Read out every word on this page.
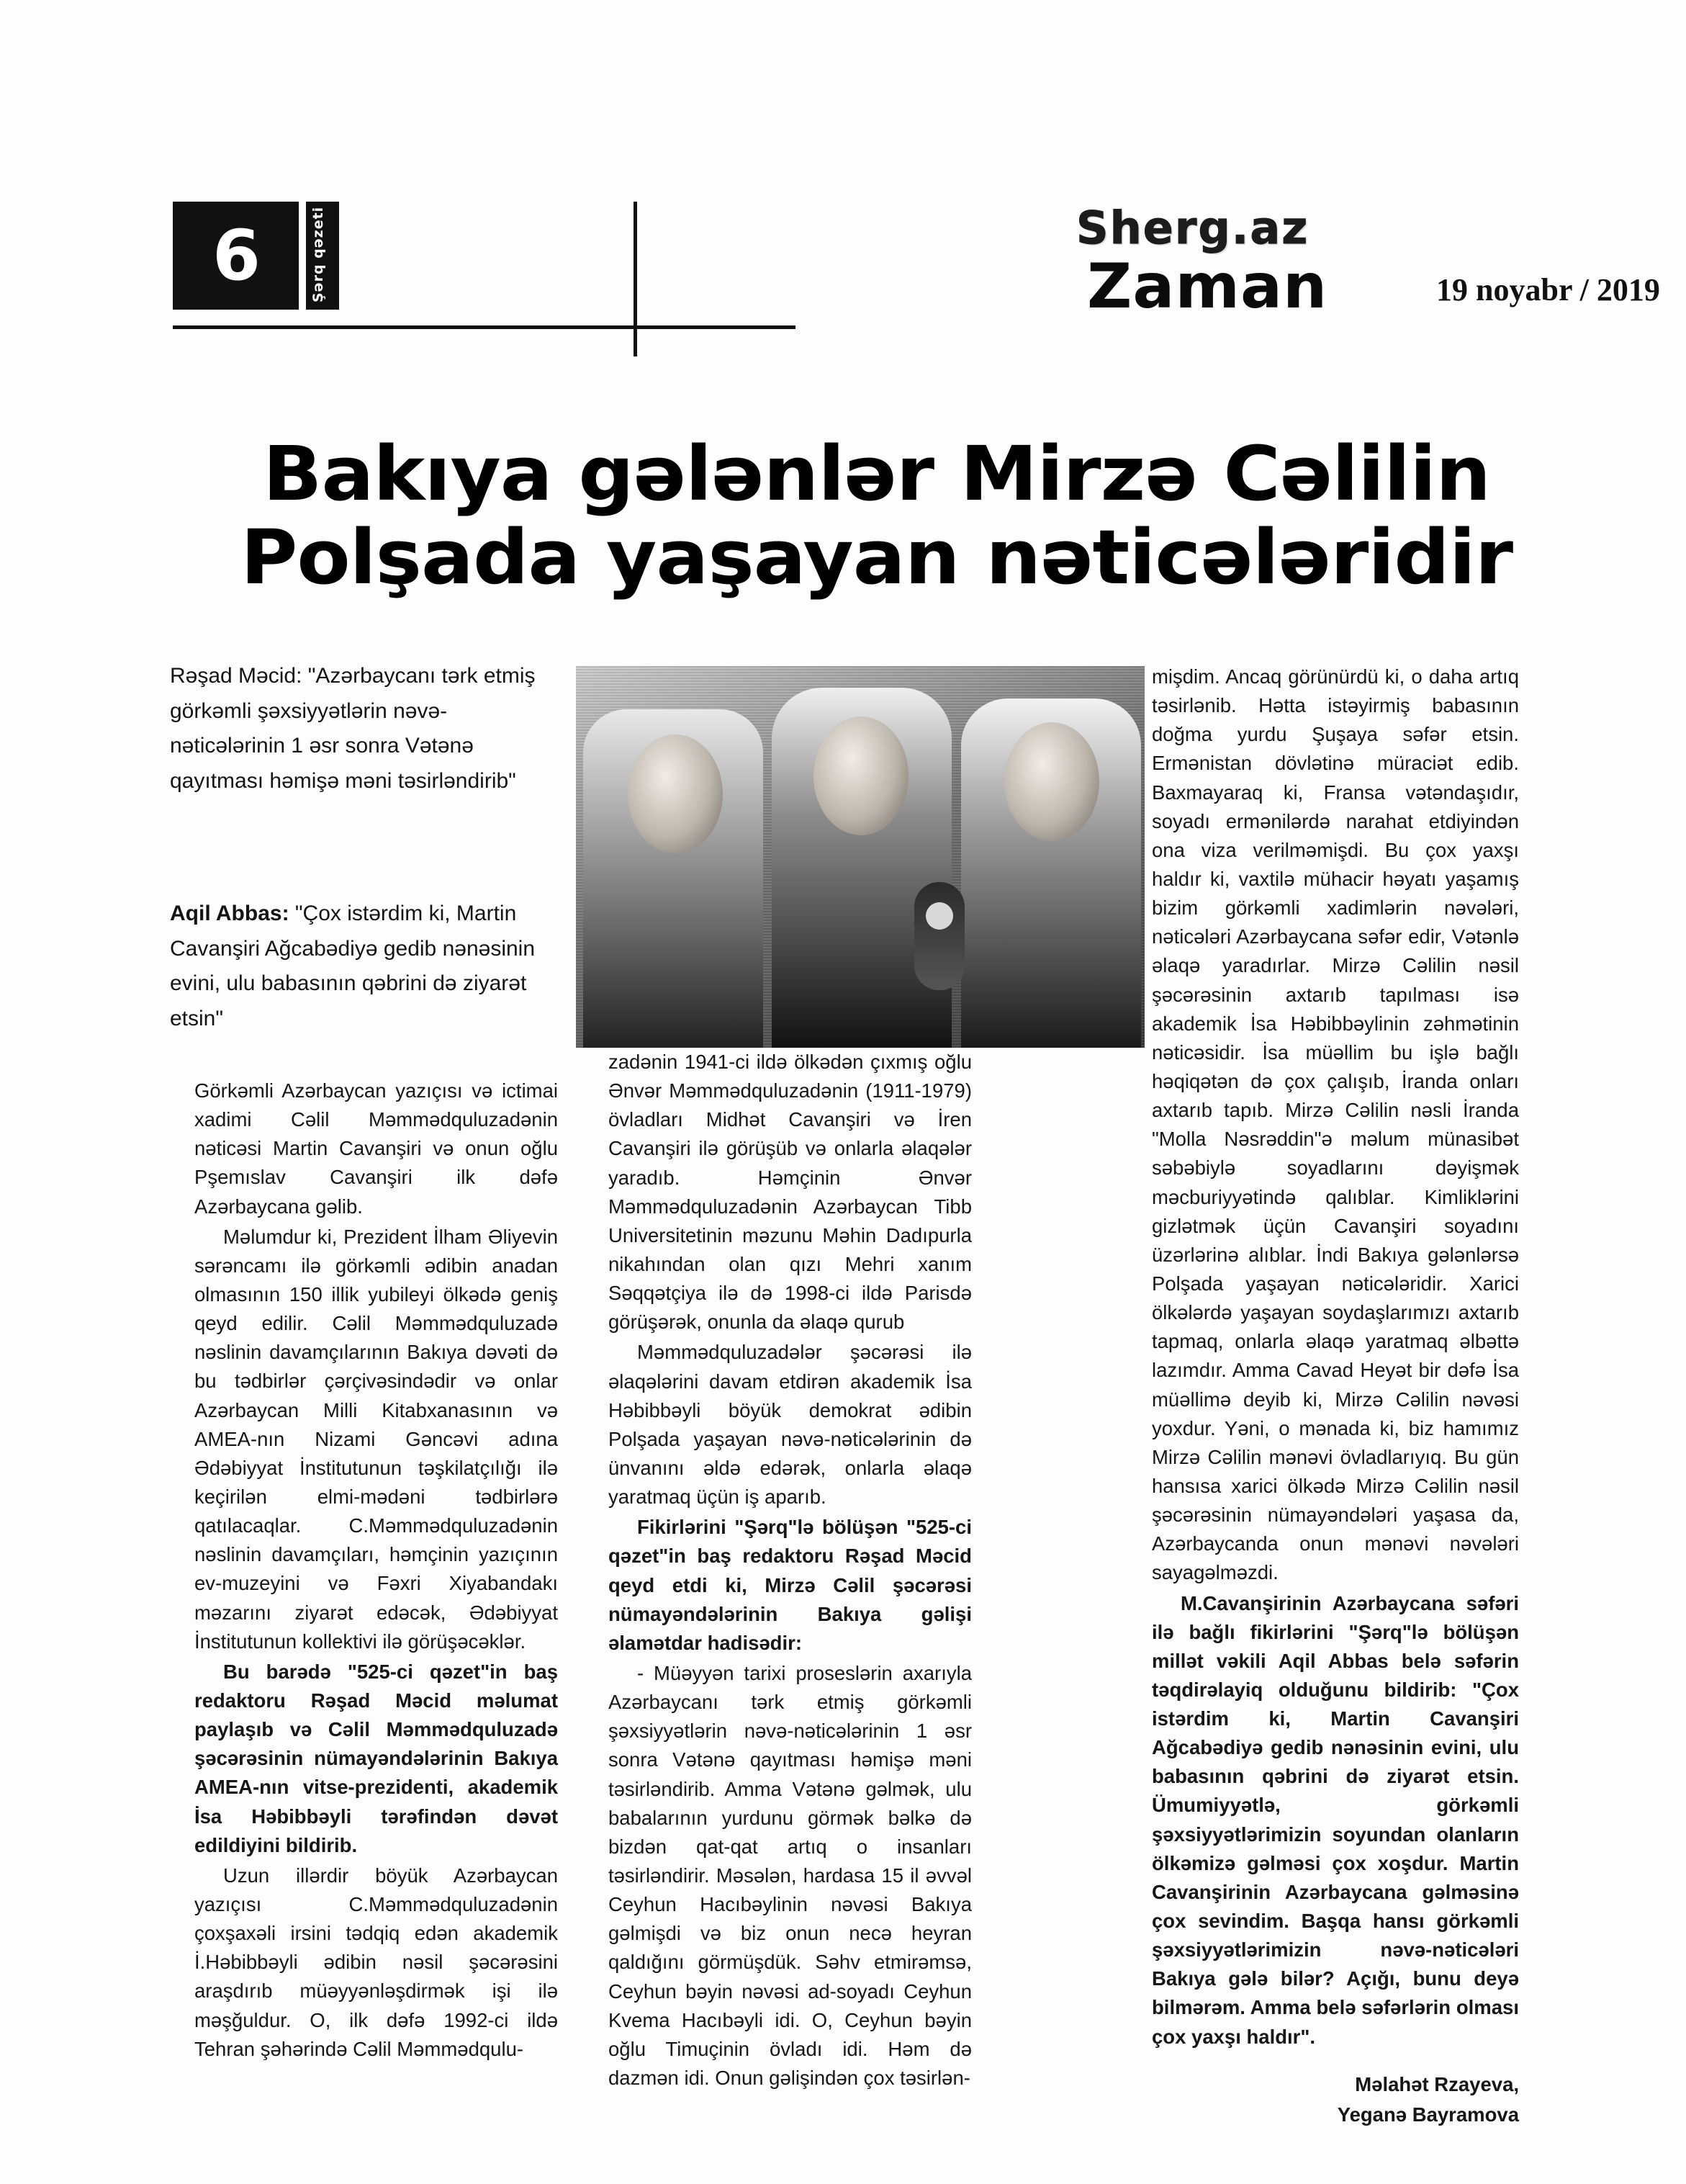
6	Şərq qəzeti	Sherg.az
Zaman	19 noyabr / 2019
Bakıya gələnlər Mirzə Cəlilin
Polşada yaşayan nəticələridir
Rəşad Məcid: "Azərbaycanı tərk etmiş görkəmli şəxsiyyətlərin nəvə-nəticələrinin 1 əsr sonra Vətənə qayıtması həmişə məni təsirləndirib"
Aqil Abbas: "Çox istərdim ki, Martin Cavanşiri Ağcabədiyə gedib nənəsinin evini, ulu babasının qəbrini də ziyarət etsin"

Görkəmli Azərbaycan yazıçısı və ictimai xadimi Cəlil Məmmədquluzadənin nəticəsi Martin Cavanşiri və onun oğlu Pşemıslav Cavanşiri ilk dəfə Azərbaycana gəlib.

Məlumdur ki, Prezident İlham Əliyevin sərəncamı ilə görkəmli ədibin anadan olmasının 150 illik yubileyi ölkədə geniş qeyd edilir. Cəlil Məmmədquluzadə nəslinin davamçılarının Bakıya dəvəti də bu tədbirlər çərçivəsindədir və onlar Azərbaycan Milli Kitabxanasının və AMEA-nın Nizami Gəncəvi adına Ədəbiyyat İnstitutunun təşkilatçılığı ilə keçirilən elmi-mədəni tədbirlərə qatılacaqlar. C.Məmmədquluzadənin nəslinin davamçıları, həmçinin yazıçının ev-muzeyini və Fəxri Xiyabandakı məzarını ziyarət edəcək, Ədəbiyyat İnstitutunun kollektivi ilə görüşəcəklər.

Bu barədə "525-ci qəzet"in baş redaktoru Rəşad Məcid məlumat paylaşıb və Cəlil Məmmədquluzadə şəcərəsinin nümayəndələrinin Bakıya AMEA-nın vitse-prezidenti, akademik İsa Həbibbəyli tərəfindən dəvət edildiyini bildirib.

Uzun illərdir böyük Azərbaycan yazıçısı C.Məmmədquluzadənin çoxşaxəli irsini tədqiq edən akademik İ.Həbibbəyli ədibin nəsil şəcərəsini araşdırıb müəyyənləşdirmək işi ilə məşğuldur. O, ilk dəfə 1992-ci ildə Tehran şəhərində Cəlil Məmmədqulu-

zadənin 1941-ci ildə ölkədən çıxmış oğlu Ənvər Məmmədquluzadənin (1911-1979) övladları Midhət Cavanşiri və İren Cavanşiri ilə görüşüb və onlarla əlaqələr yaradıb. Həmçinin Ənvər Məmmədquluzadənin Azərbaycan Tibb Universitetinin məzunu Məhin Dadıpurla nikahından olan qızı Mehri xanım Səqqətçiya ilə də 1998-ci ildə Parisdə görüşərək, onunla da əlaqə qurub

Məmmədquluzadələr şəcərəsi ilə əlaqələrini davam etdirən akademik İsa Həbibbəyli böyük demokrat ədibin Polşada yaşayan nəvə-nəticələrinin də ünvanını əldə edərək, onlarla əlaqə yaratmaq üçün iş aparıb.

Fikirlərini "Şərq"lə bölüşən "525-ci qəzet"in baş redaktoru Rəşad Məcid qeyd etdi ki, Mirzə Cəlil şəcərəsi nümayəndələrinin Bakıya gəlişi əlamətdar hadisədir:

- Müəyyən tarixi proseslərin axarıyla Azərbaycanı tərk etmiş görkəmli şəxsiyyətlərin nəvə-nəticələrinin 1 əsr sonra Vətənə qayıtması həmişə məni təsirləndirib. Amma Vətənə gəlmək, ulu babalarının yurdunu görmək bəlkə də bizdən qat-qat artıq o insanları təsirləndirir. Məsələn, hardasa 15 il əvvəl Ceyhun Hacıbəylinin nəvəsi Bakıya gəlmişdi və biz onun necə heyran qaldığını görmüşdük. Səhv etmirəmsə, Ceyhun bəyin nəvəsi ad-soyadı Ceyhun Kvema Hacıbəyli idi. O, Ceyhun bəyin oğlu Timuçinin övladı idi. Həm də dazmən idi. Onun gəlişindən çox təsirlən-

mişdim. Ancaq görünürdü ki, o daha artıq təsirlənib. Hətta istəyirmiş babasının doğma yurdu Şuşaya səfər etsin. Ermənistan dövlətinə müraciət edib. Baxmayaraq ki, Fransa vətəndaşıdır, soyadı ermənilərdə narahat etdiyindən ona viza verilməmişdi. Bu çox yaxşı haldır ki, vaxtilə mühacir həyatı yaşamış bizim görkəmli xadimlərin nəvələri, nəticələri Azərbaycana səfər edir, Vətənlə əlaqə yaradırlar. Mirzə Cəlilin nəsil şəcərəsinin axtarıb tapılması isə akademik İsa Həbibbəylinin zəhmətinin nəticəsidir. İsa müəllim bu işlə bağlı həqiqətən də çox çalışıb, İranda onları axtarıb tapıb. Mirzə Cəlilin nəsli İranda "Molla Nəsrəddin"ə məlum münasibət səbəbiylə soyadlarını dəyişmək məcburiyyətində qalıblar. Kimliklərini gizlətmək üçün Cavanşiri soyadını üzərlərinə alıblar. İndi Bakıya gələnlərsə Polşada yaşayan nəticələridir. Xarici ölkələrdə yaşayan soydaşlarımızı axtarıb tapmaq, onlarla əlaqə yaratmaq əlbəttə lazımdır. Amma Cavad Heyət bir dəfə İsa müəllimə deyib ki, Mirzə Cəlilin nəvəsi yoxdur. Yəni, o mənada ki, biz hamımız Mirzə Cəlilin mənəvi övladlarıyıq. Bu gün hansısa xarici ölkədə Mirzə Cəlilin nəsil şəcərəsinin nümayəndələri yaşasa da, Azərbaycanda onun mənəvi nəvələri sayagəlməzdi.

M.Cavanşirinin Azərbaycana səfəri ilə bağlı fikirlərini "Şərq"lə bölüşən millət vəkili Aqil Abbas belə səfərin təqdirəlayiq olduğunu bildirib: "Çox istərdim ki, Martin Cavanşiri Ağcabədiyə gedib nənəsinin evini, ulu babasının qəbrini də ziyarət etsin. Ümumiyyətlə, görkəmli şəxsiyyətlərimizin soyundan olanların ölkəmizə gəlməsi çox xoşdur. Martin Cavanşirinin Azərbaycana gəlməsinə çox sevindim. Başqa hansı görkəmli şəxsiyyətlərimizin nəvə-nəticələri Bakıya gələ bilər? Açığı, bunu deyə bilmərəm. Amma belə səfərlərin olması çox yaxşı haldır".

Məlahət Rzayeva,

Yeganə Bayramova
